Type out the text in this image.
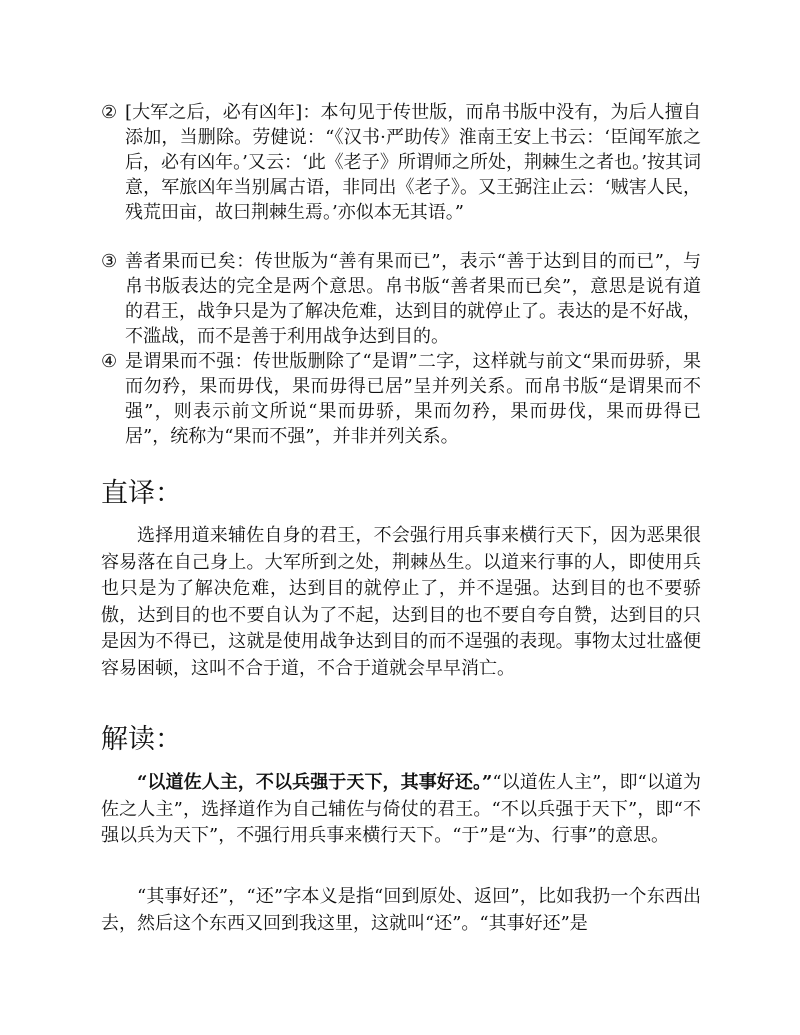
② [大军之后，必有凶年]：本句见于传世版，而帛书版中没有，为后人擅自添加，当删除。劳健说：“《汉书·严助传》淮南王安上书云：‘臣闻军旅之后，必有凶年。’又云：‘此《老子》所谓师之所处，荆棘生之者也。’按其词意，军旅凶年当别属古语，非同出《老子》。又王弼注止云：‘贼害人民，残荒田亩，故曰荆棘生焉。’亦似本无其语。”
③ 善者果而已矣：传世版为“善有果而已”，表示“善于达到目的而已”，与帛书版表达的完全是两个意思。帛书版“善者果而已矣”，意思是说有道的君王，战争只是为了解决危难，达到目的就停止了。表达的是不好战，不滥战，而不是善于利用战争达到目的。
④ 是谓果而不强：传世版删除了“是谓”二字，这样就与前文“果而毋骄，果而勿矜，果而毋伐，果而毋得已居”呈并列关系。而帛书版“是谓果而不强”，则表示前文所说“果而毋骄，果而勿矜，果而毋伐，果而毋得已居”，统称为“果而不强”，并非并列关系。
直译：

选择用道来辅佐自身的君王，不会强行用兵事来横行天下，因为恶果很容易落在自己身上。大军所到之处，荆棘丛生。以道来行事的人，即使用兵也只是为了解决危难，达到目的就停止了，并不逞强。达到目的也不要骄傲，达到目的也不要自认为了不起，达到目的也不要自夸自赞，达到目的只是因为不得已，这就是使用战争达到目的而不逞强的表现。事物太过壮盛便容易困顿，这叫不合于道，不合于道就会早早消亡。

解读：

“以道佐人主，不以兵强于天下，其事好还。”“以道佐人主”，即“以道为佐之人主”，选择道作为自己辅佐与倚仗的君王。“不以兵强于天下”，即“不强以兵为天下”，不强行用兵事来横行天下。“于”是“为、行事”的意思。

“其事好还”，“还”字本义是指“回到原处、返回”，比如我扔一个东西出去，然后这个东西又回到我这里，这就叫“还”。“其事好还”是
